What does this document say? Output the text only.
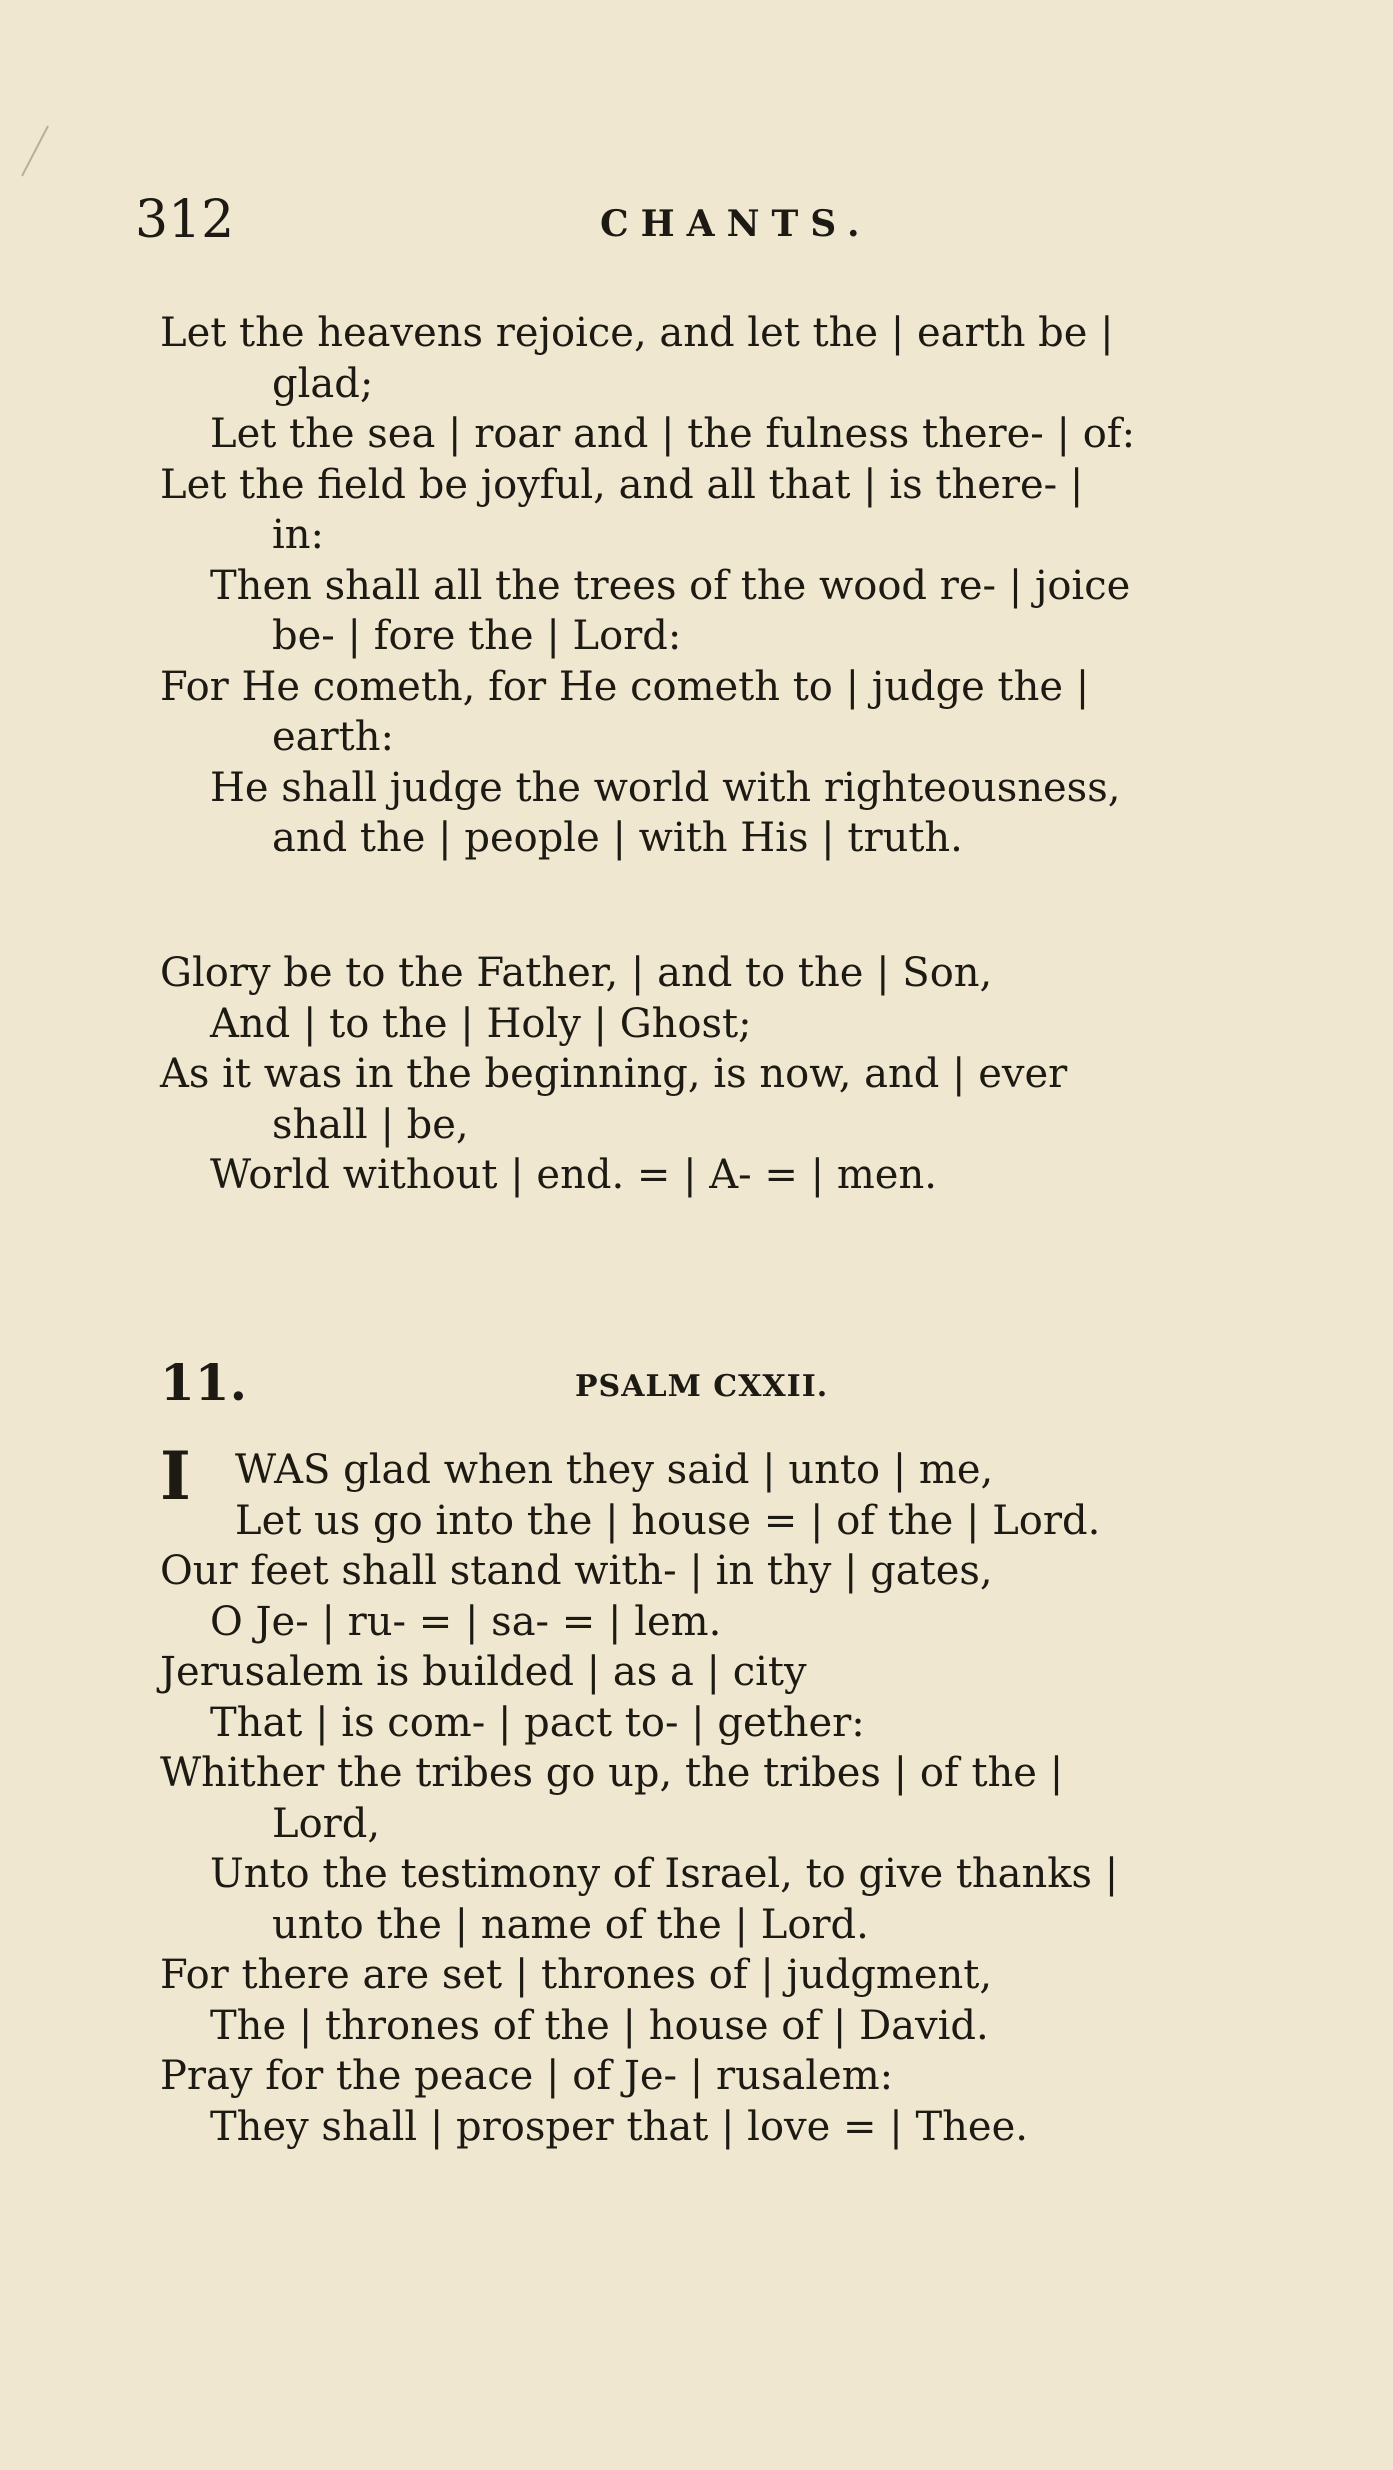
312	CHANTS.
Let the heavens rejoice, and let the | earth be |
glad;
Let the sea | roar and | the fulness there- | of:
Let the field be joyful, and all that | is there- |
in:
Then shall all the trees of the wood re- | joice
be- | fore the | Lord:
For He cometh, for He cometh to | judge the |
earth:
He shall judge the world with righteousness,
and the | people | with His | truth.
Glory be to the Father, | and to the | Son,
And | to the | Holy | Ghost;
As it was in the beginning, is now, and | ever
shall | be,
World without | end. = | A- = | men.
11.	PSALM CXXII.
I WAS glad when they said | unto | me,
Let us go into the | house = | of the | Lord.
Our feet shall stand with- | in thy | gates,
O Je- | ru- = | sa- = | lem.
Jerusalem is builded | as a | city
That | is com- | pact to- | gether:
Whither the tribes go up, the tribes | of the |
Lord,
Unto the testimony of Israel, to give thanks |
unto the | name of the | Lord.
For there are set | thrones of | judgment,
The | thrones of the | house of | David.
Pray for the peace | of Je- | rusalem:
They shall | prosper that | love = | Thee.
